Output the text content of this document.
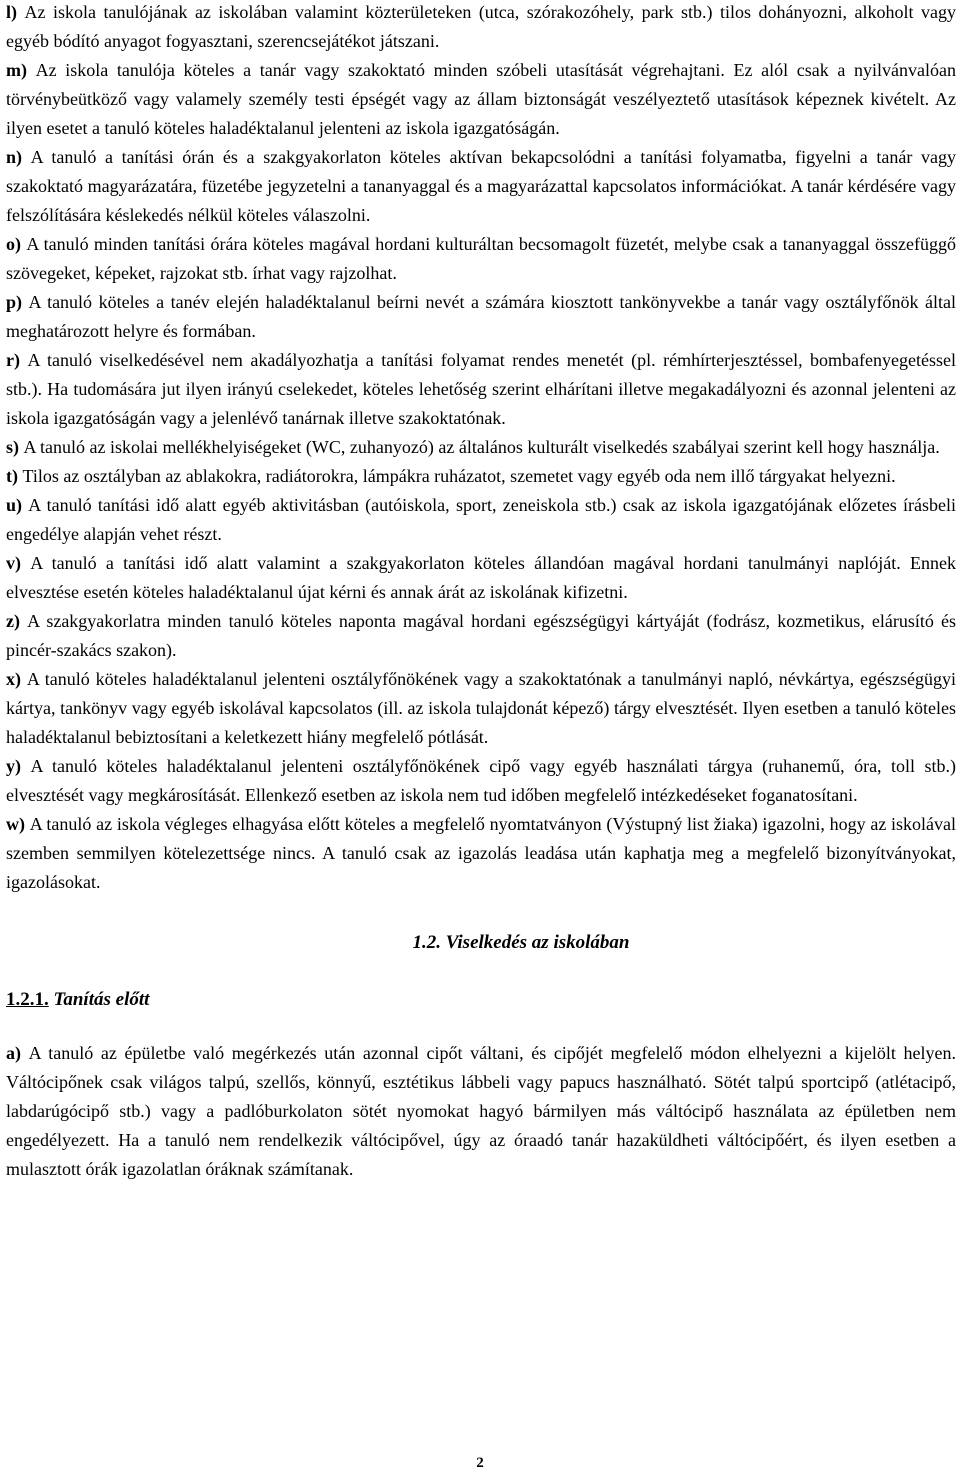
l) Az iskola tanulójának az iskolában valamint közterületeken (utca, szórakozóhely, park stb.) tilos dohányozni, alkoholt vagy egyéb bódító anyagot fogyasztani, szerencsejátékot játszani.

m) Az iskola tanulója köteles a tanár vagy szakoktató minden szóbeli utasítását végrehajtani. Ez alól csak a nyilvánvalóan törvénybeütköző vagy valamely személy testi épségét vagy az állam biztonságát veszélyeztető utasítások képeznek kivételt. Az ilyen esetet a tanuló köteles haladéktalanul jelenteni az iskola igazgatóságán.

n) A tanuló a tanítási órán és a szakgyakorlaton köteles aktívan bekapcsolódni a tanítási folyamatba, figyelni a tanár vagy szakoktató magyarázatára, füzetébe jegyzetelni a tananyaggal és a magyarázattal kapcsolatos információkat. A tanár kérdésére vagy felszólítására késlekedés nélkül köteles válaszolni.

o) A tanuló minden tanítási órára köteles magával hordani kulturáltan becsomagolt füzetét, melybe csak a tananyaggal összefüggő szövegeket, képeket, rajzokat stb. írhat vagy rajzolhat.

p) A tanuló köteles a tanév elején haladéktalanul beírni nevét a számára kiosztott tankönyvekbe a tanár vagy osztályfőnök által meghatározott helyre és formában.

r) A tanuló viselkedésével nem akadályozhatja a tanítási folyamat rendes menetét (pl. rémhírterjesztéssel, bombafenyegetéssel stb.). Ha tudomására jut ilyen irányú cselekedet, köteles lehetőség szerint elhárítani illetve megakadályozni és azonnal jelenteni az iskola igazgatóságán vagy a jelenlévő tanárnak illetve szakoktatónak.

s) A tanuló az iskolai mellékhelyiségeket (WC, zuhanyozó) az általános kulturált viselkedés szabályai szerint kell hogy használja.

t) Tilos az osztályban az ablakokra, radiátorokra, lámpákra ruházatot, szemetet vagy egyéb oda nem illő tárgyakat helyezni.

u) A tanuló tanítási idő alatt egyéb aktivitásban (autóiskola, sport, zeneiskola stb.) csak az iskola igazgatójának előzetes írásbeli engedélye alapján vehet részt.

v) A tanuló a tanítási idő alatt valamint a szakgyakorlaton köteles állandóan magával hordani tanulmányi naplóját. Ennek elvesztése esetén köteles haladéktalanul újat kérni és annak árát az iskolának kifizetni.

z) A szakgyakorlatra minden tanuló köteles naponta magával hordani egészségügyi kártyáját (fodrász, kozmetikus, elárusító és pincér-szakács szakon).

x) A tanuló köteles haladéktalanul jelenteni osztályfőnökének vagy a szakoktatónak a tanulmányi napló, névkártya, egészségügyi kártya, tankönyv vagy egyéb iskolával kapcsolatos (ill. az iskola tulajdonát képező) tárgy elvesztését. Ilyen esetben a tanuló köteles haladéktalanul bebiztosítani a keletkezett hiány megfelelő pótlását.

y) A tanuló köteles haladéktalanul jelenteni osztályfőnökének cipő vagy egyéb használati tárgya (ruhanemű, óra, toll stb.) elvesztését vagy megkárosítását. Ellenkező esetben az iskola nem tud időben megfelelő intézkedéseket foganatosítani.

w) A tanuló az iskola végleges elhagyása előtt köteles a megfelelő nyomtatványon (Výstupný list žiaka) igazolni, hogy az iskolával szemben semmilyen kötelezettsége nincs. A tanuló csak az igazolás leadása után kaphatja meg a megfelelő bizonyítványokat, igazolásokat.

1.2. Viselkedés az iskolában
1.2.1. Tanítás előtt

a) A tanuló az épületbe való megérkezés után azonnal cipőt váltani, és cipőjét megfelelő módon elhelyezni a kijelölt helyen. Váltócipőnek csak világos talpú, szellős, könnyű, esztétikus lábbeli vagy papucs használható. Sötét talpú sportcipő (atlétacipő, labdarúgócipő stb.) vagy a padlóburkolaton sötét nyomokat hagyó bármilyen más váltócipő használata az épületben nem engedélyezett. Ha a tanuló nem rendelkezik váltócipővel, úgy az óraadó tanár hazaküldheti váltócipőért, és ilyen esetben a mulasztott órák igazolatlan óráknak számítanak.

2
